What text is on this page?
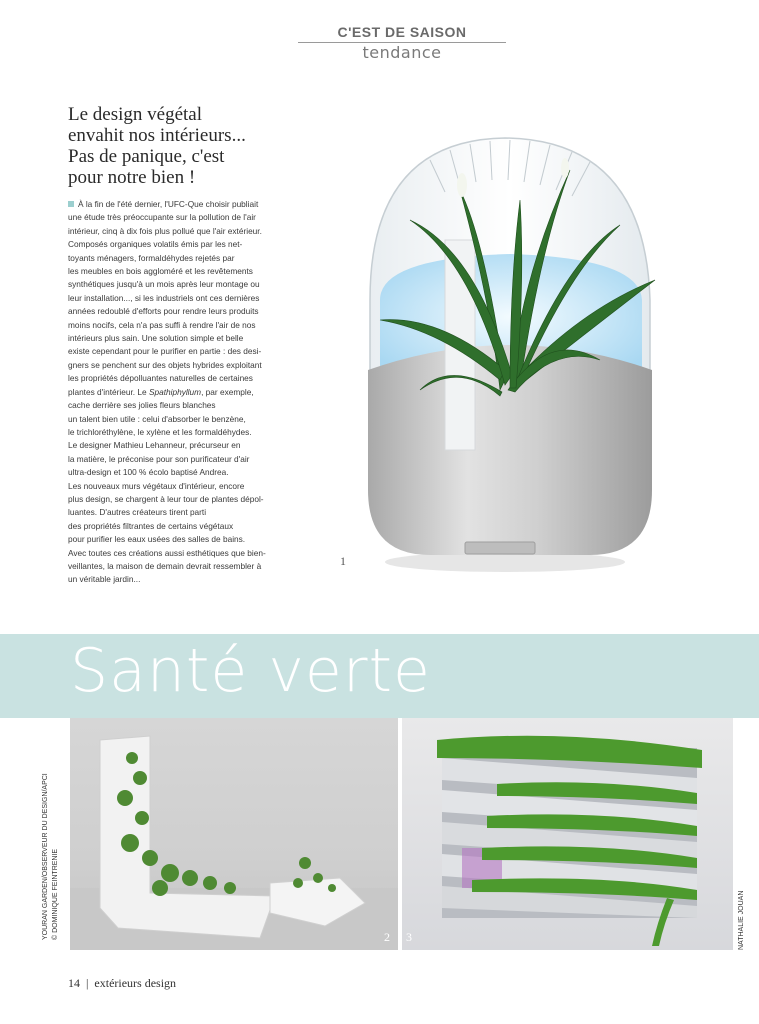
C'EST DE SAISON
tendance
Le design végétal
envahit nos intérieurs...
Pas de panique, c'est
pour notre bien !
À la fin de l'été dernier, l'UFC-Que choisir publiait
une étude très préoccupante sur la pollution de l'air
intérieur, cinq à dix fois plus pollué que l'air extérieur.
Composés organiques volatils émis par les net-
toyants ménagers, formaldéhydes rejetés par
les meubles en bois aggloméré et les revêtements
synthétiques jusqu'à un mois après leur montage ou
leur installation..., si les industriels ont ces dernières
années redoublé d'efforts pour rendre leurs produits
moins nocifs, cela n'a pas suffi à rendre l'air de nos
intérieurs plus sain. Une solution simple et belle
existe cependant pour le purifier en partie : des desi-
gners se penchent sur des objets hybrides exploitant
les propriétés dépolluantes naturelles de certaines
plantes d'intérieur. Le Spathiphyllum, par exemple,
cache derrière ses jolies fleurs blanches
un talent bien utile : celui d'absorber le benzène,
le trichloréthylène, le xylène et les formaldéhydes.
Le designer Mathieu Lehanneur, précurseur en
la matière, le préconise pour son purificateur d'air
ultra-design et 100 % écolo baptisé Andrea.
Les nouveaux murs végétaux d'intérieur, encore
plus design, se chargent à leur tour de plantes dépol-
luantes. D'autres créateurs tirent parti
des propriétés filtrantes de certains végétaux
pour purifier les eaux usées des salles de bains.
Avec toutes ces créations aussi esthétiques que bien-
veillantes, la maison de demain devrait ressembler à
un véritable jardin...
1
Santé verte
2 3
YOURAN GARDEN/OBSERVEUR DU DESIGN/APCI © DOMINIQUE FEINTRENIE	NATHALIE JOUAN
14 | extérieurs design
